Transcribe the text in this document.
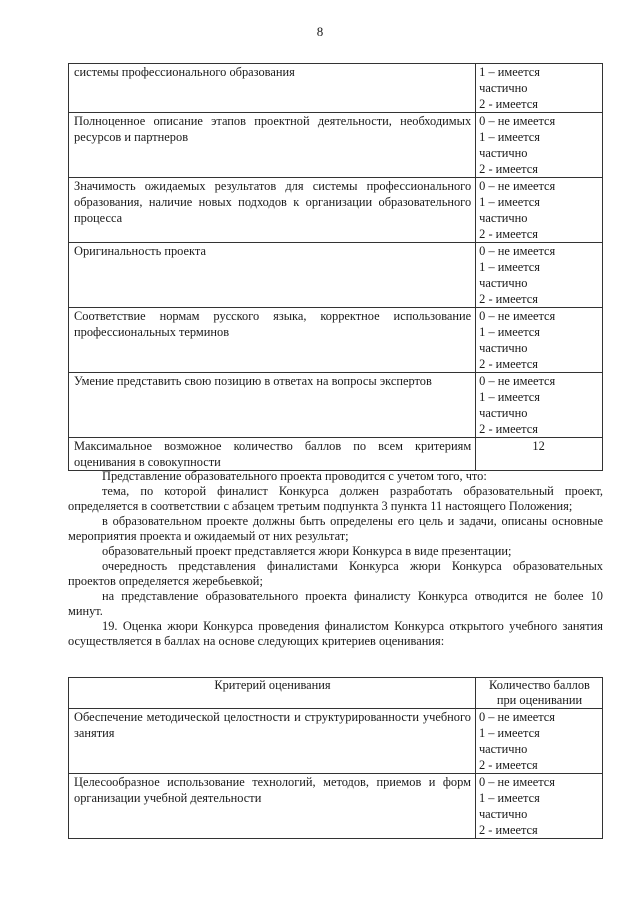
8
системы профессионального образования	1 – имеется
частично
2 - имеется

Полноценное описание этапов проектной деятельности, необходимых ресурсов и партнеров	0 – не имеется
1 – имеется
частично
2 - имеется

Значимость ожидаемых результатов для системы профессионального образования, наличие новых подходов к организации образовательного процесса	0 – не имеется
1 – имеется
частично
2 - имеется

Оригинальность проекта	0 – не имеется
1 – имеется
частично
2 - имеется

Соответствие нормам русского языка, корректное использование профессиональных терминов	0 – не имеется
1 – имеется
частично
2 - имеется

Умение представить свою позицию в ответах на вопросы экспертов	0 – не имеется
1 – имеется
частично
2 - имеется

Максимальное возможное количество баллов по всем критериям оценивания в совокупности	12

Представление образовательного проекта проводится с учетом того, что:

тема, по которой финалист Конкурса должен разработать образовательный проект, определяется в соответствии с абзацем третьим подпункта 3 пункта 11 настоящего Положения;

в образовательном проекте должны быть определены его цель и задачи, описаны основные мероприятия проекта и ожидаемый от них результат;

образовательный проект представляется жюри Конкурса в виде презентации;

очередность представления финалистами Конкурса жюри Конкурса образовательных проектов определяется жеребьевкой;

на представление образовательного проекта финалисту Конкурса отводится не более 10 минут.

19. Оценка жюри Конкурса проведения финалистом Конкурса открытого учебного занятия осуществляется в баллах на основе следующих критериев оценивания:

Критерий оценивания	Количество баллов
при оценивании

Обеспечение методической целостности и структурированности учебного занятия	0 – не имеется
1 – имеется
частично
2 - имеется

Целесообразное использование технологий, методов, приемов и форм организации учебной деятельности	0 – не имеется
1 – имеется
частично
2 - имеется
